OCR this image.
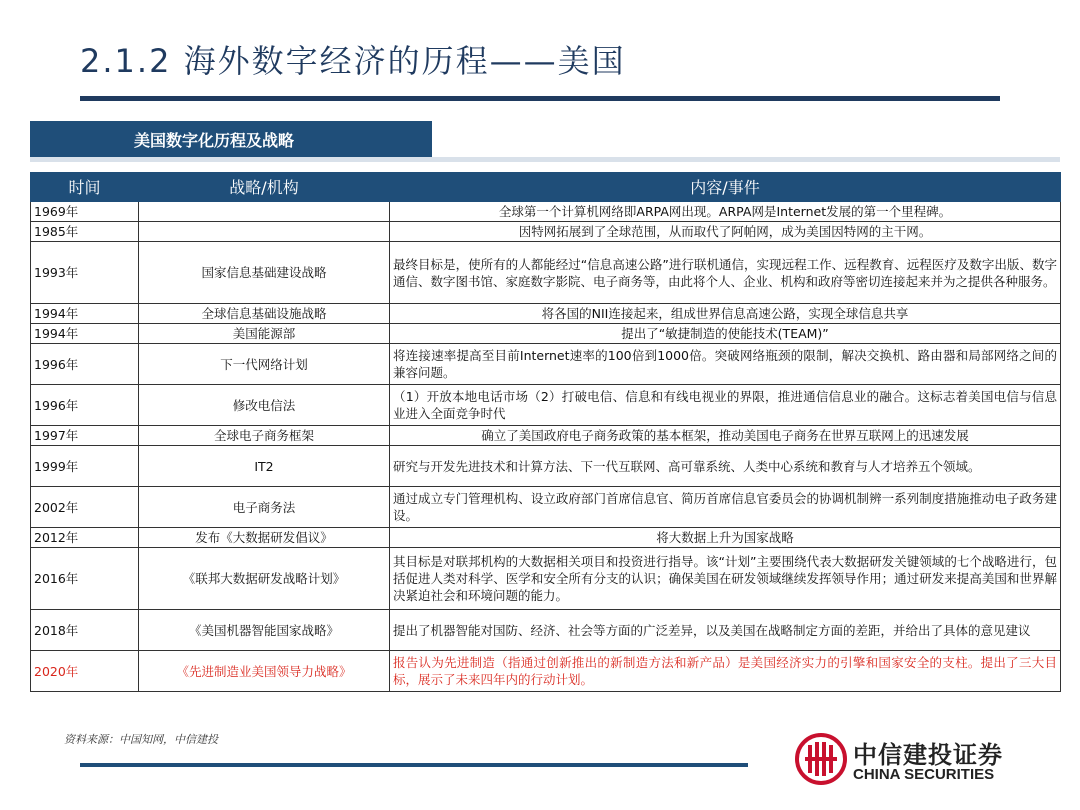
2.1.2 海外数字经济的历程——美国
美国数字化历程及战略
时间	战略/机构	内容/事件
1969年		全球第一个计算机网络即ARPA网出现。ARPA网是Internet发展的第一个里程碑。
1985年		因特网拓展到了全球范围，从而取代了阿帕网，成为美国因特网的主干网。
1993年	国家信息基础建设战略	最终目标是，使所有的人都能经过“信息高速公路”进行联机通信，实现远程工作、远程教育、远程医疗及数字出版、数字通信、数字图书馆、家庭数字影院、电子商务等，由此将个人、企业、机构和政府等密切连接起来并为之提供各种服务。
1994年	全球信息基础设施战略	将各国的NII连接起来，组成世界信息高速公路，实现全球信息共享
1994年	美国能源部	提出了“敏捷制造的使能技术(TEAM)”
1996年	下一代网络计划	将连接速率提高至目前Internet速率的100倍到1000倍。突破网络瓶颈的限制，解决交换机、路由器和局部网络之间的兼容问题。
1996年	修改电信法	（1）开放本地电话市场（2）打破电信、信息和有线电视业的界限，推进通信信息业的融合。这标志着美国电信与信息业进入全面竞争时代
1997年	全球电子商务框架	确立了美国政府电子商务政策的基本框架，推动美国电子商务在世界互联网上的迅速发展
1999年	IT2	研究与开发先进技术和计算方法、下一代互联网、高可靠系统、人类中心系统和教育与人才培养五个领域。
2002年	电子商务法	通过成立专门管理机构、设立政府部门首席信息官、简历首席信息官委员会的协调机制辨一系列制度措施推动电子政务建设。
2012年	发布《大数据研发倡议》	将大数据上升为国家战略
2016年	《联邦大数据研发战略计划》	其目标是对联邦机构的大数据相关项目和投资进行指导。该“计划”主要围绕代表大数据研发关键领域的七个战略进行，包括促进人类对科学、医学和安全所有分支的认识；确保美国在研发领域继续发挥领导作用；通过研发来提高美国和世界解决紧迫社会和环境问题的能力。
2018年	《美国机器智能国家战略》	提出了机器智能对国防、经济、社会等方面的广泛差异，以及美国在战略制定方面的差距，并给出了具体的意见建议
2020年	《先进制造业美国领导力战略》	报告认为先进制造（指通过创新推出的新制造方法和新产品）是美国经济实力的引擎和国家安全的支柱。提出了三大目标，展示了未来四年内的行动计划。
资料来源：中国知网，中信建投
中信建投证券
CHINA SECURITIES
